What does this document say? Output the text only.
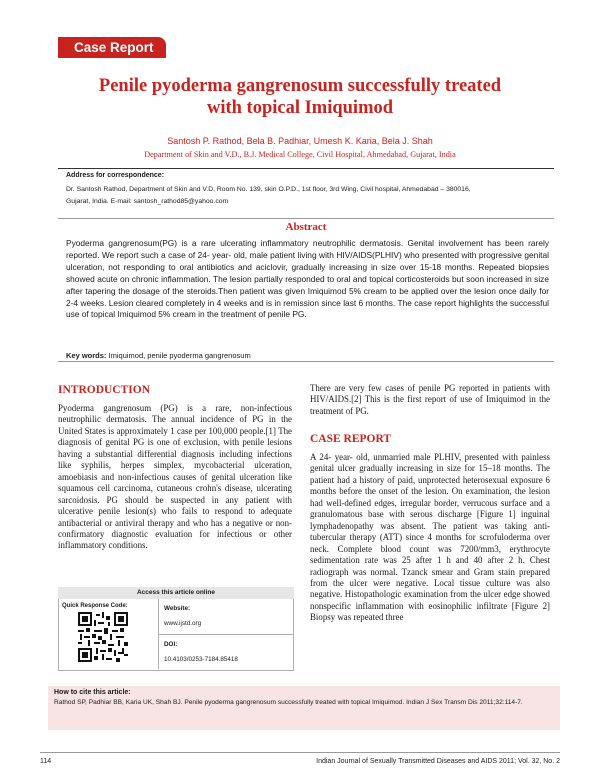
Case Report
Penile pyoderma gangrenosum successfully treated
with topical Imiquimod
Santosh P. Rathod, Bela B. Padhiar, Umesh K. Karia, Bela J. Shah
Department of Skin and V.D., B.J. Medical College, Civil Hospital, Ahmedabad, Gujarat, India
Address for correspondence:
Dr. Santosh Rathod, Department of Skin and V.D, Room No. 139, skin O.P.D., 1st floor, 3rd Wing, Civil hospital, Ahmedabad – 380016,
Gujarat, India. E-mail: santosh_rathod85@yahoo.com
Abstract
Pyoderma gangrenosum(PG) is a rare ulcerating inflammatory neutrophilic dermatosis. Genital involvement has been rarely reported. We report such a case of 24- year- old, male patient living with HIV/AIDS(PLHIV) who presented with progressive genital ulceration, not responding to oral antibiotics and aciclovir, gradually increasing in size over 15-18 months. Repeated biopsies showed acute on chronic inflammation. The lesion partially responded to oral and topical corticosteroids but soon increased in size after tapering the dosage of the steroids.Then patient was given Imiquimod 5% cream to be applied over the lesion once daily for 2-4 weeks. Lesion cleared completely in 4 weeks and is in remission since last 6 months. The case report highlights the successful use of topical Imiquimod 5% cream in the treatment of penile PG.
Key words: Imiquimod, penile pyoderma gangrenosum
INTRODUCTION
Pyoderma gangrenosum (PG) is a rare, non-infectious neutrophilic dermatosis. The annual incidence of PG in the United States is approximately 1 case per 100,000 people.[1] The diagnosis of genital PG is one of exclusion, with penile lesions having a substantial differential diagnosis including infections like syphilis, herpes simplex, mycobacterial ulceration, amoebiasis and non-infectious causes of genital ulceration like squamous cell carcinoma, cutaneous crohn's disease, ulcerating sarcoidosis. PG should be suspected in any patient with ulcerative penile lesion(s) who fails to respond to adequate antibacterial or antiviral therapy and who has a negative or non-confirmatory diagnostic evaluation for infectious or other inflammatory conditions.
There are very few cases of penile PG reported in patients with HIV/AIDS.[2] This is the first report of use of Imiquimod in the treatment of PG.
CASE REPORT
A 24- year- old, unmarried male PLHIV, presented with painless genital ulcer gradually increasing in size for 15–18 months. The patient had a history of paid, unprotected heterosexual exposure 6 months before the onset of the lesion. On examination, the lesion had well-defined edges, irregular border, verrucous surface and a granulomatous base with serous discharge [Figure 1] inguinal lymphadenopathy was absent. The patient was taking anti-tubercular therapy (ATT) since 4 months for scrofuloderma over neck. Complete blood count was 7200/mm3, erythrocyte sedimentation rate was 25 after 1 h and 40 after 2 h. Chest radiograph was normal. Tzanck smear and Gram stain prepared from the ulcer were negative. Local tissue culture was also negative. Histopathologic examination from the ulcer edge showed nonspecific inflammation with eosinophilic infiltrate [Figure 2] Biopsy was repeated three
Access this article online
Quick Response Code:	Website:
www.ijstd.org
DOI:
10.4103/0253-7184.85418
How to cite this article:
Rathod SP, Padhiar BB, Karia UK, Shah BJ. Penile pyoderma gangrenosum successfully treated with topical Imiquimod. Indian J Sex Transm Dis 2011;32:114-7.
114	Indian Journal of Sexually Transmitted Diseases and AIDS 2011; Vol. 32, No. 2
